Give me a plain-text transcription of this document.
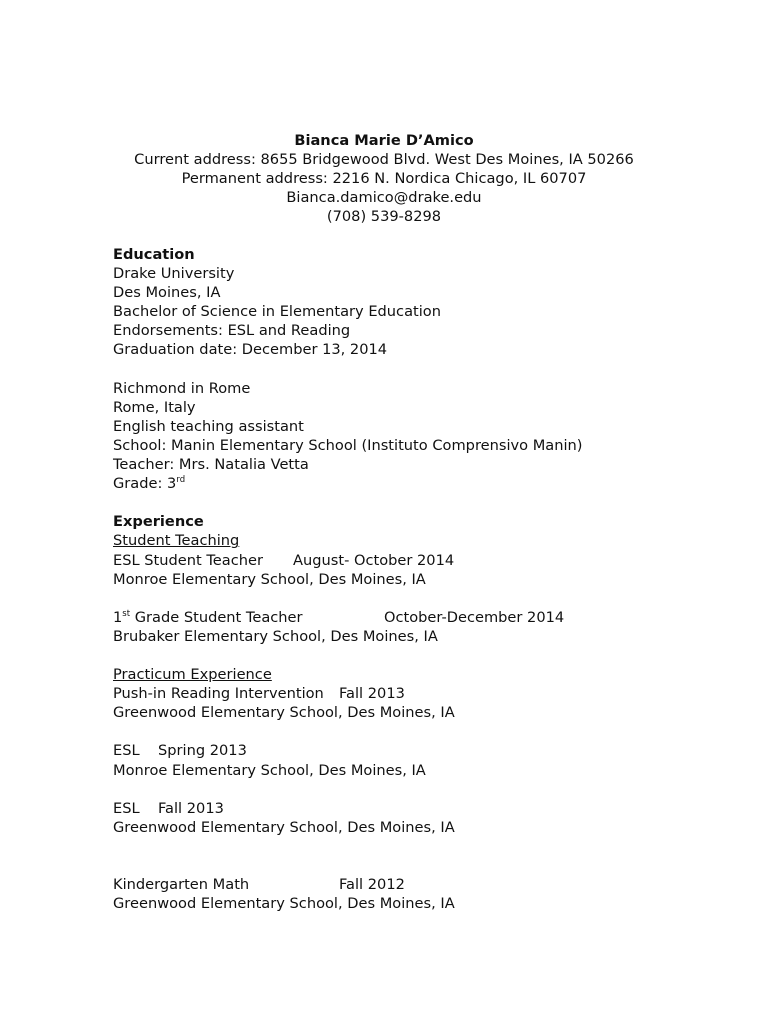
Bianca Marie D’Amico
Current address: 8655 Bridgewood Blvd. West Des Moines, IA 50266
Permanent address: 2216 N. Nordica Chicago, IL 60707
Bianca.damico@drake.edu
(708) 539-8298
Education
Drake University
Des Moines, IA
Bachelor of Science in Elementary Education
Endorsements: ESL and Reading
Graduation date: December 13, 2014
Richmond in Rome
Rome, Italy
English teaching assistant
School: Manin Elementary School (Instituto Comprensivo Manin)
Teacher: Mrs. Natalia Vetta
Grade: 3rd
Experience
Student Teaching
ESL Student Teacher August- October 2014
Monroe Elementary School, Des Moines, IA
1st Grade Student Teacher	October-December 2014
Brubaker Elementary School, Des Moines, IA
Practicum Experience
Push-in Reading Intervention Fall 2013
Greenwood Elementary School, Des Moines, IA
ESL Spring 2013
Monroe Elementary School, Des Moines, IA
ESL Fall 2013
Greenwood Elementary School, Des Moines, IA
Kindergarten Math	Fall 2012
Greenwood Elementary School, Des Moines, IA
